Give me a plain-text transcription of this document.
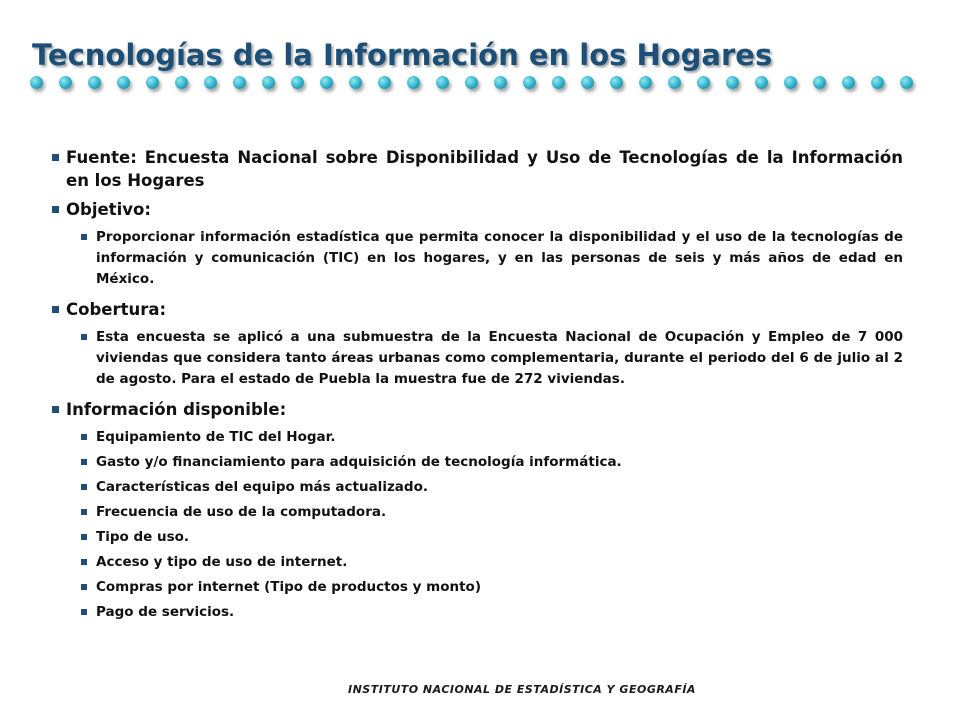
Tecnologías de la Información en los Hogares
Fuente: Encuesta Nacional sobre Disponibilidad y Uso de Tecnologías de la Información en los Hogares
Objetivo:
Proporcionar información estadística que permita conocer la disponibilidad y el uso de la tecnologías de información y comunicación (TIC) en los hogares, y en las personas de seis y más años de edad en México.
Cobertura:
Esta encuesta se aplicó a una submuestra de la Encuesta Nacional de Ocupación y Empleo de 7 000 viviendas que considera tanto áreas urbanas como complementaria, durante el periodo del 6 de julio al 2 de agosto. Para el estado de Puebla la muestra fue de 272 viviendas.
Información disponible:
Equipamiento de TIC del Hogar.
Gasto y/o financiamiento para adquisición de tecnología informática.
Características del equipo más actualizado.
Frecuencia de uso de la computadora.
Tipo de uso.
Acceso y tipo de uso de internet.
Compras por internet (Tipo de productos y monto)
Pago de servicios.
INSTITUTO NACIONAL DE ESTADÍSTICA Y GEOGRAFÍA
